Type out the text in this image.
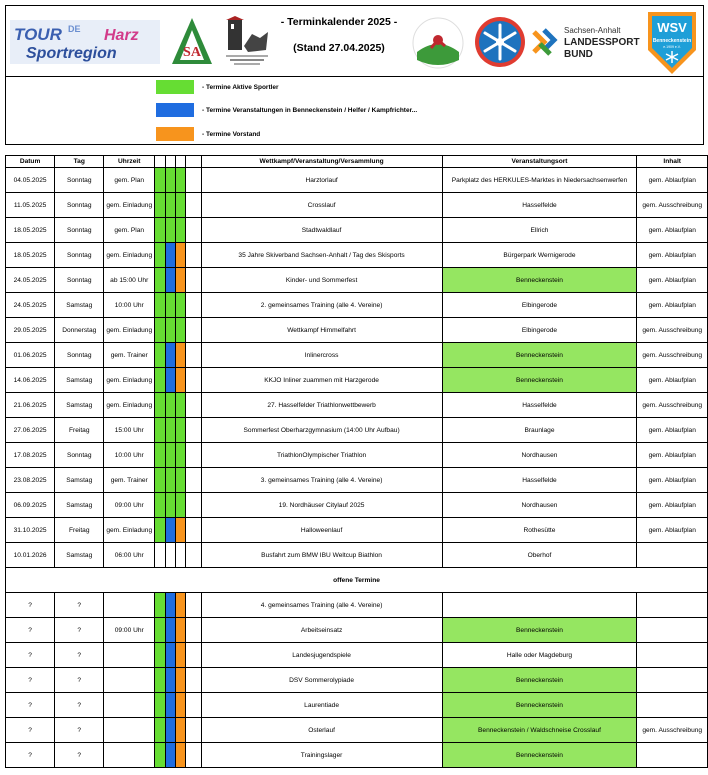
TOUR DE Harz
Sportregion	SA
- Terminkalender 2025 -
(Stand 27.04.2025)
Sachsen-Anhalt
LANDESSPORT
BUND
WSV
Benneckenstein
e.1909 e.V.
- Termine Aktive Sportler
- Termine Veranstaltungen in Benneckenstein / Helfer / Kampfrichter...
- Termine Vorstand
Datum	Tag	Uhrzeit					Wettkampf/Veranstaltung/Versammlung	Veranstaltungsort	Inhalt
04.05.2025	Sonntag	gem. Plan					Harztorlauf	Parkplatz des HERKULES-Marktes in Niedersachsenwerfen	gem. Ablaufplan
11.05.2025	Sonntag	gem. Einladung					Crosslauf	Hasselfelde	gem. Ausschreibung
18.05.2025	Sonntag	gem. Plan					Stadtwaldlauf	Ellrich	gem. Ablaufplan
18.05.2025	Sonntag	gem. Einladung					35 Jahre Skiverband Sachsen-Anhalt / Tag des Skisports	Bürgerpark Wernigerode	gem. Ablaufplan
24.05.2025	Sonntag	ab 15:00 Uhr					Kinder- und Sommerfest	Benneckenstein	gem. Ablaufplan
24.05.2025	Samstag	10:00 Uhr					2. gemeinsames Training (alle 4. Vereine)	Elbingerode	gem. Ablaufplan
29.05.2025	Donnerstag	gem. Einladung					Wettkampf Himmelfahrt	Elbingerode	gem. Ausschreibung
01.06.2025	Sonntag	gem. Trainer					Inlinercross	Benneckenstein	gem. Ausschreibung
14.06.2025	Samstag	gem. Einladung					KKJO Inliner zuammen mit Harzgerode	Benneckenstein	gem. Ablaufplan
21.06.2025	Samstag	gem. Einladung					27. Hasselfelder Triathlonwettbewerb	Hasselfelde	gem. Ausschreibung
27.06.2025	Freitag	15:00 Uhr					Sommerfest Oberharzgymnasium (14:00 Uhr Aufbau)	Braunlage	gem. Ablaufplan
17.08.2025	Sonntag	10:00 Uhr					TriathlonOlympischer Triathlon	Nordhausen	gem. Ablaufplan
23.08.2025	Samstag	gem. Trainer					3. gemeinsames Training (alle 4. Vereine)	Hasselfelde	gem. Ablaufplan
06.09.2025	Samstag	09:00 Uhr					19. Nordhäuser Citylauf 2025	Nordhausen	gem. Ablaufplan
31.10.2025	Freitag	gem. Einladung					Halloweenlauf	Rothesütte	gem. Ablaufplan
10.01.2026	Samstag	06:00 Uhr					Busfahrt zum BMW IBU Weltcup Biathlon	Oberhof	
offene Termine									
?	?						4. gemeinsames Training (alle 4. Vereine)		
?	?	09:00 Uhr					Arbeitseinsatz	Benneckenstein	
?	?						Landesjugendspiele	Halle oder Magdeburg	
?	?						DSV Sommerolypiade	Benneckenstein	
?	?						Laurentiade	Benneckenstein	
?	?						Osterlauf	Benneckenstein / Waldschneise Crosslauf	gem. Ausschreibung
?	?						Trainingslager	Benneckenstein	
